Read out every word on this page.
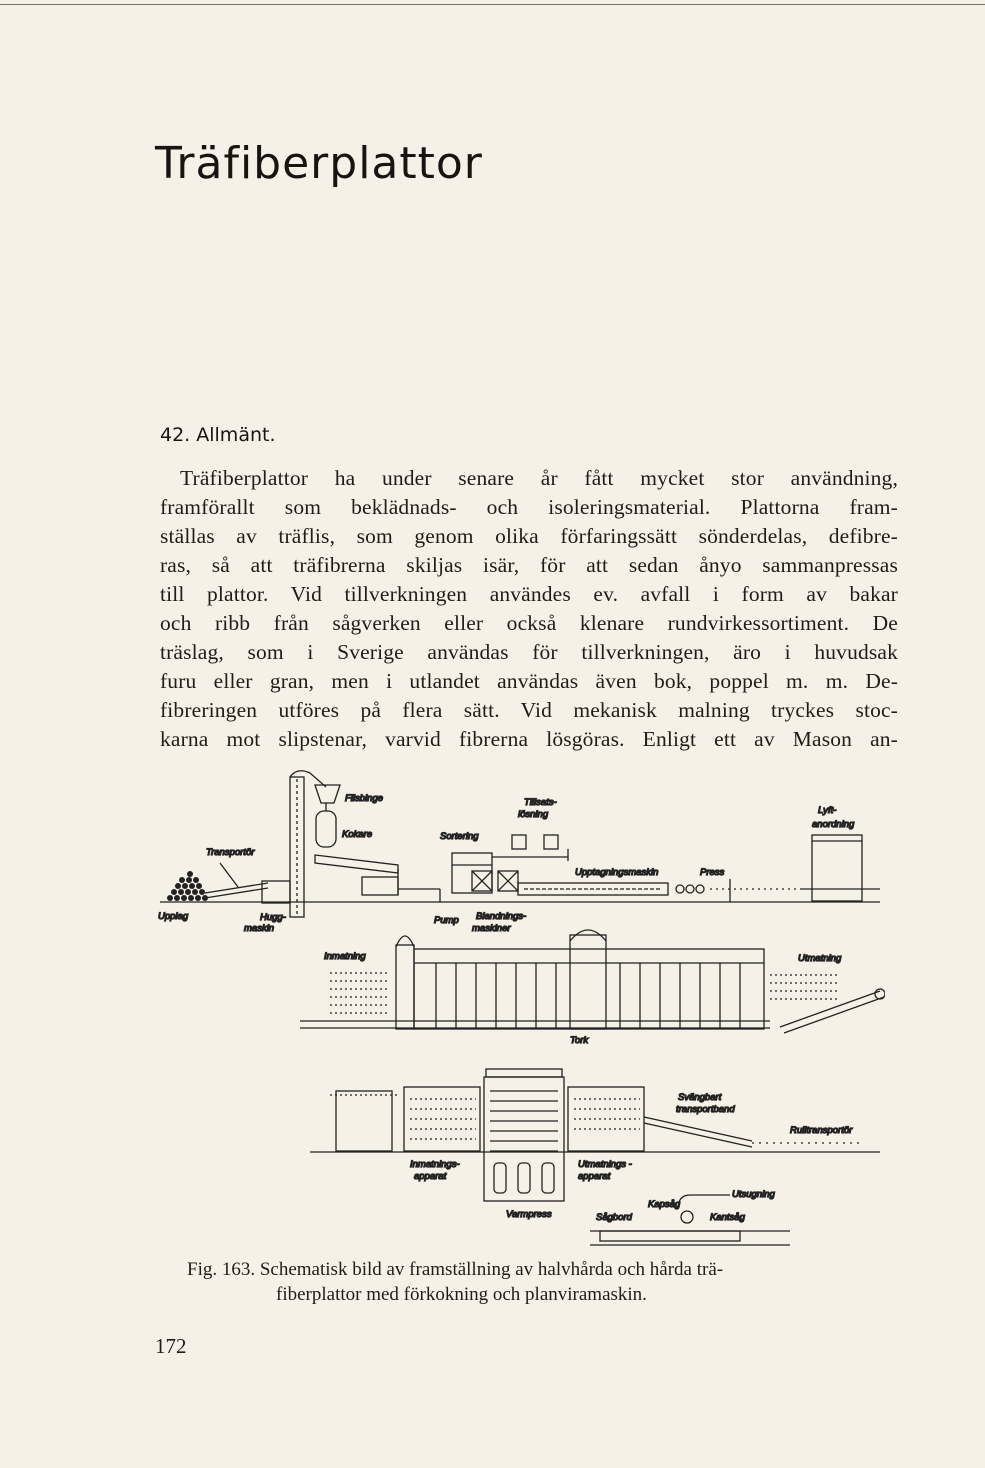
Träfiberplattor
42. Allmänt.
Träfiberplattor ha under senare år fått mycket stor användning,
framförallt som beklädnads- och isoleringsmaterial. Plattorna fram-
ställas av träflis, som genom olika förfaringssätt sönderdelas, defibre-
ras, så att träfibrerna skiljas isär, för att sedan ånyo sammanpressas
till plattor. Vid tillverkningen användes ev. avfall i form av bakar
och ribb från sågverken eller också klenare rundvirkessortiment. De
träslag, som i Sverige användas för tillverkningen, äro i huvudsak
furu eller gran, men i utlandet användas även bok, poppel m. m. De-
fibreringen utföres på flera sätt. Vid mekanisk malning tryckes stoc-
karna mot slipstenar, varvid fibrerna lösgöras. Enligt ett av Mason an-
Flisbinge
Kokare
Transportör
Upplag	Hugg-
maskin
Tillsats-
lösning
Sortering
Lyft-
anordning
Upptagningsmaskin	Press
Pump Blandnings-
maskiner
Inmatning	Utmatning
Tork
Svängbart
transportband
Rulltransportör
Inmatnings-
apparat
Utmatnings -
apparat
Utsugning
Kapsåg
Sågbord	Kantsåg
Varmpress
Fig. 163. Schematisk bild av framställning av halvhårda och hårda trä-
fiberplattor med förkokning och planviramaskin.
172
